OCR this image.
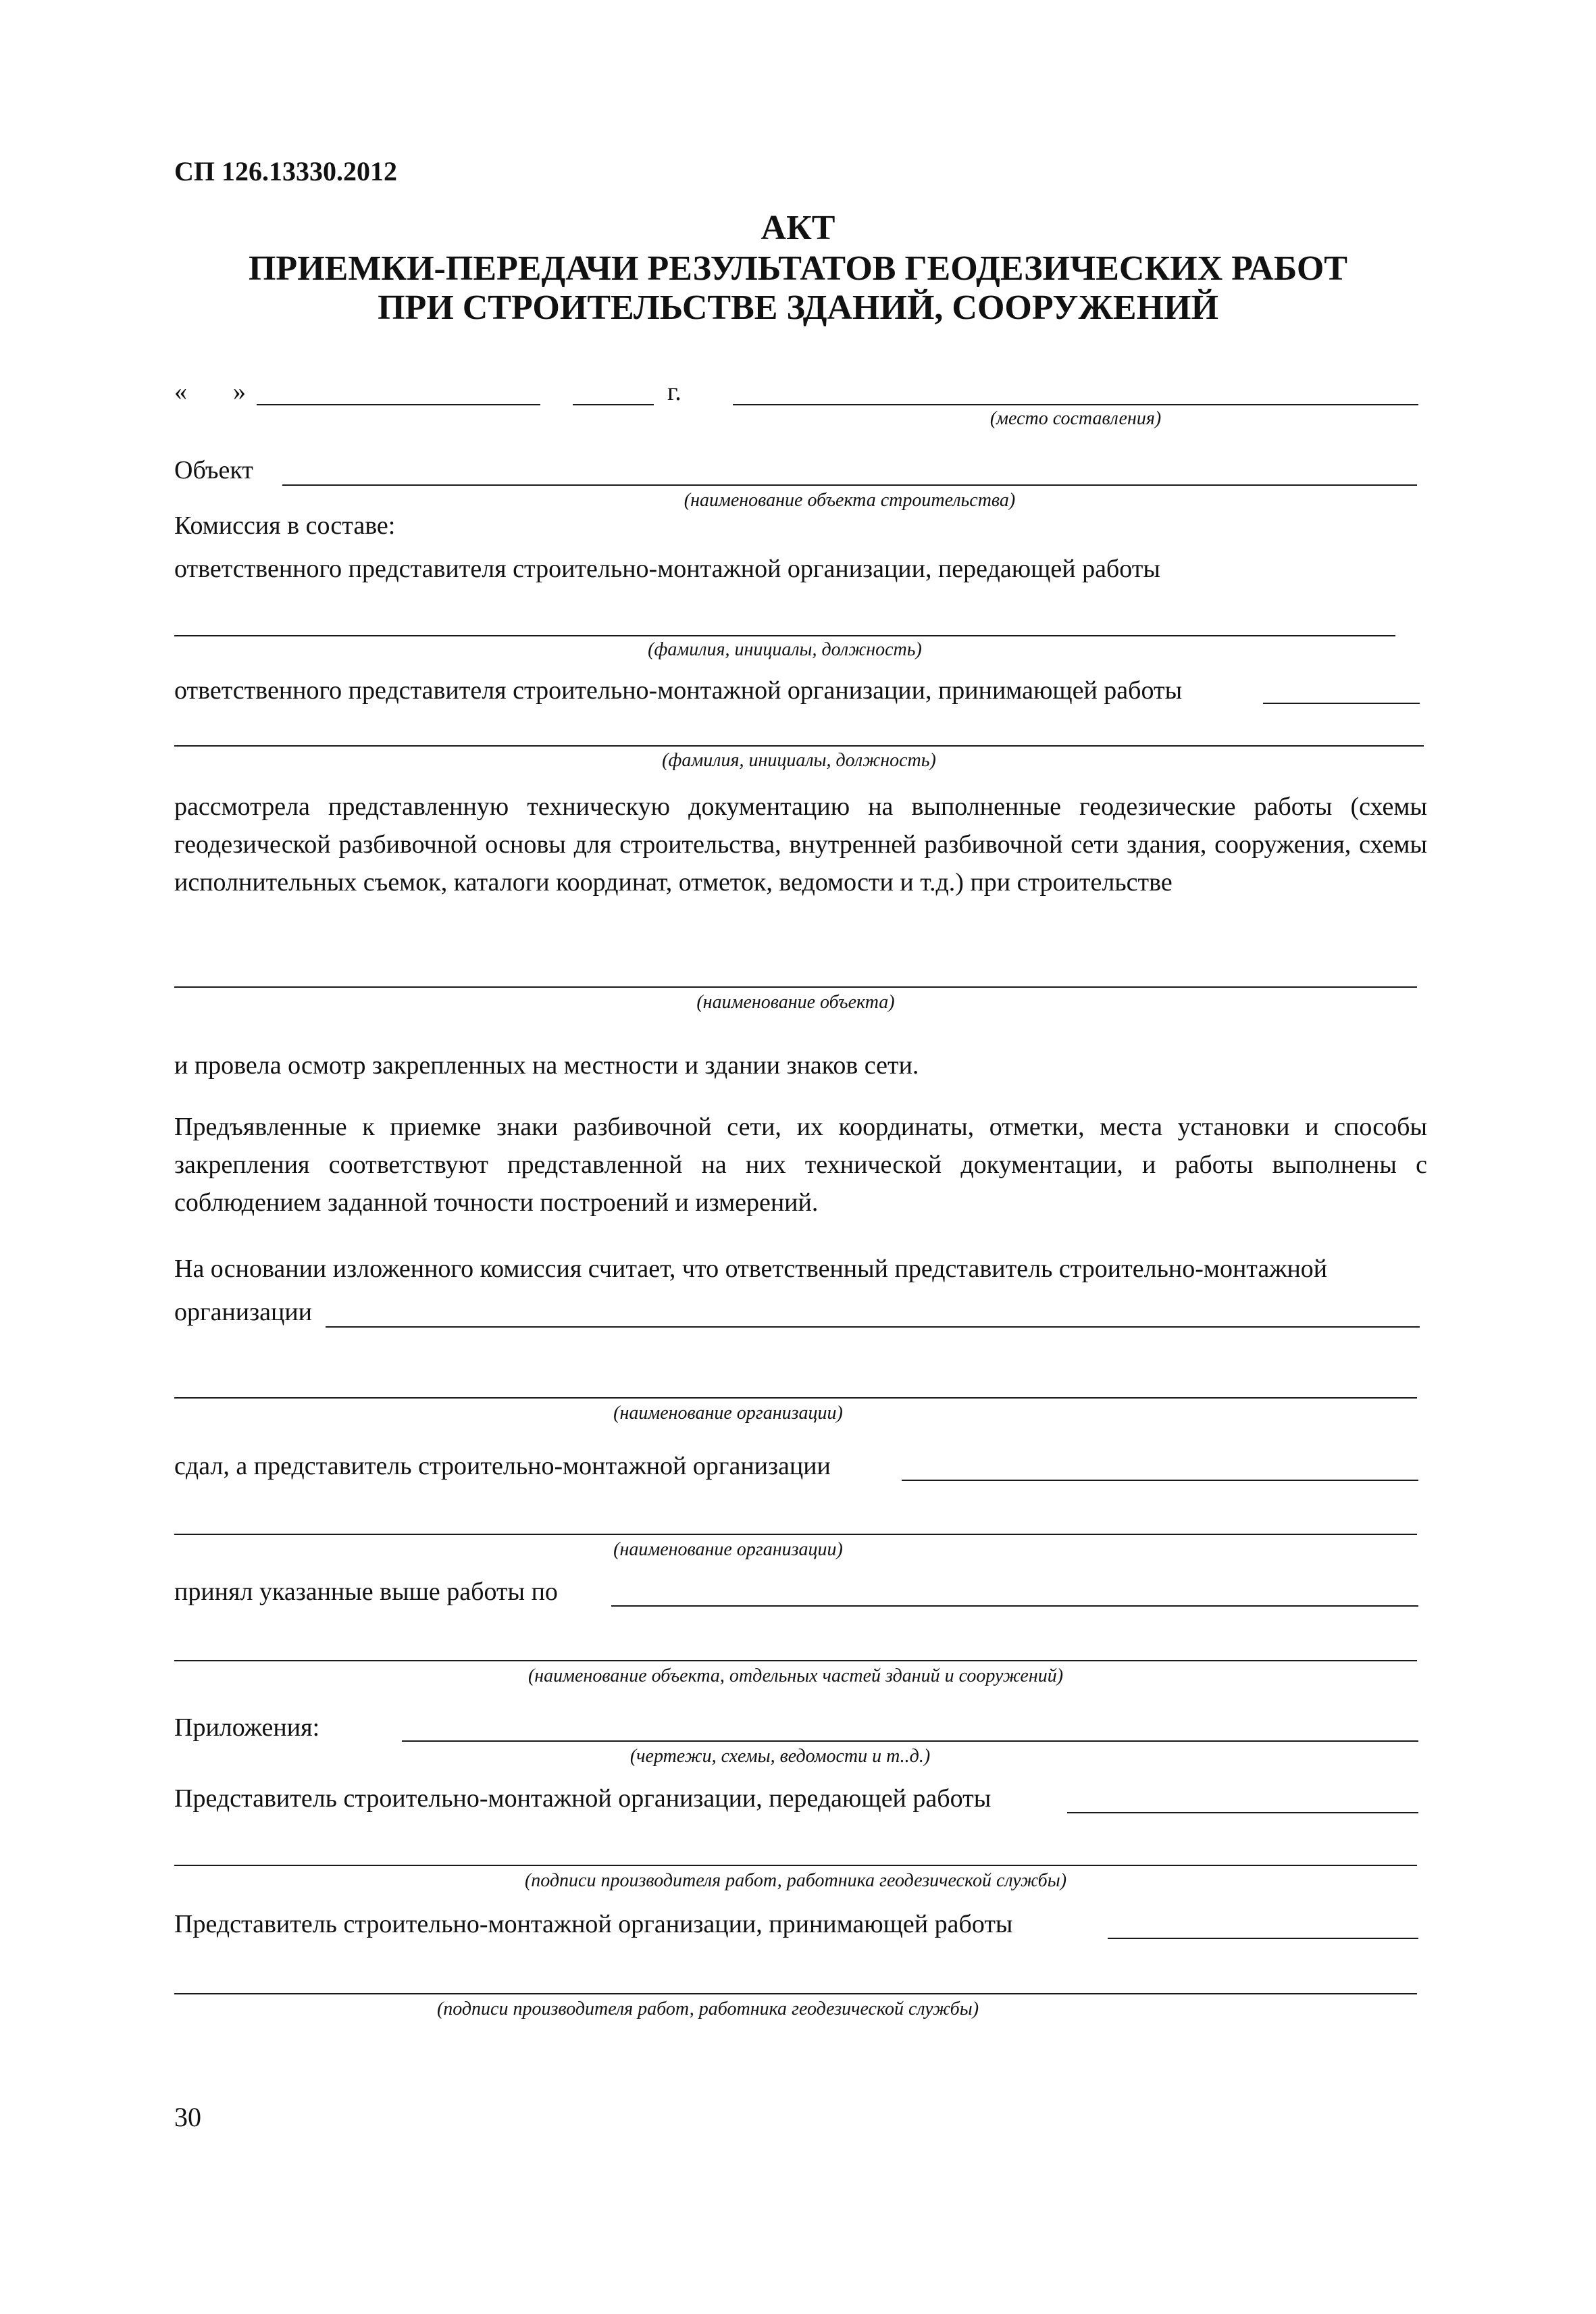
СП 126.13330.2012
АКТ
ПРИЕМКИ-ПЕРЕДАЧИ РЕЗУЛЬТАТОВ ГЕОДЕЗИЧЕСКИХ РАБОТ
ПРИ СТРОИТЕЛЬСТВЕ ЗДАНИЙ, СООРУЖЕНИЙ
« »	г.
(место составления)
Объект
(наименование объекта строительства)
Комиссия в составе:
ответственного представителя строительно-монтажной организации, передающей работы
(фамилия, инициалы, должность)
ответственного представителя строительно-монтажной организации, принимающей работы
(фамилия, инициалы, должность)
рассмотрела представленную техническую документацию на выполненные геодезические работы (схемы геодезической разбивочной основы для строительства, внутренней разбивочной сети здания, сооружения, схемы исполнительных съемок, каталоги координат, отметок, ведомости и т.д.) при строительстве
(наименование объекта)
и провела осмотр закрепленных на местности и здании знаков сети.
Предъявленные к приемке знаки разбивочной сети, их координаты, отметки, места установки и способы закрепления соответствуют представленной на них технической документации, и работы выполнены с соблюдением заданной точности построений и измерений.
На основании изложенного комиссия считает, что ответственный представитель строительно-монтажной
организации
(наименование организации)
сдал, а представитель строительно-монтажной организации
(наименование организации)
принял указанные выше работы по
(наименование объекта, отдельных частей зданий и сооружений)
Приложения:
(чертежи, схемы, ведомости и т..д.)
Представитель строительно-монтажной организации, передающей работы
(подписи производителя работ, работника геодезической службы)
Представитель строительно-монтажной организации, принимающей работы
(подписи производителя работ, работника геодезической службы)
30
